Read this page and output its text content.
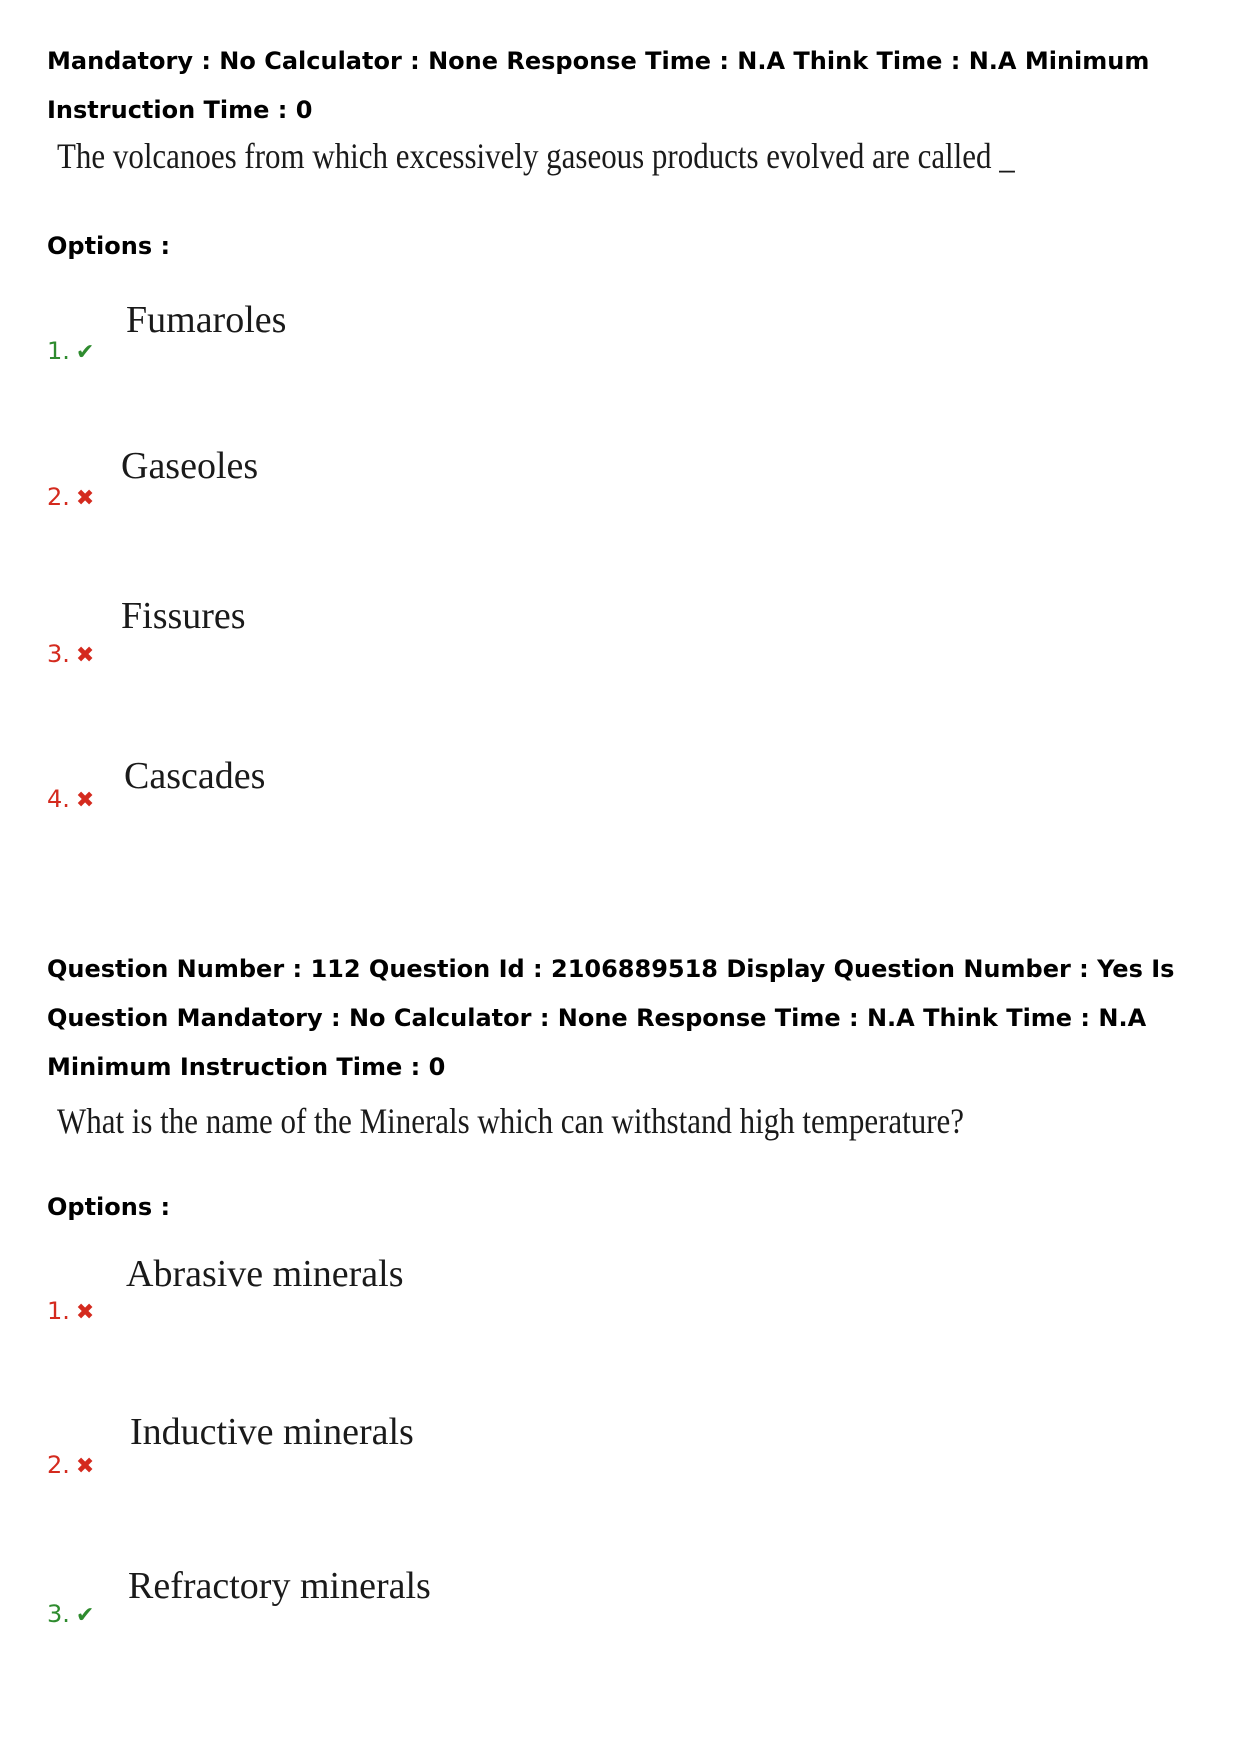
Mandatory : No Calculator : None Response Time : N.A Think Time : N.A Minimum Instruction Time : 0

The volcanoes from which excessively gaseous products evolved are called _
Options :
Fumaroles
1. ✔
Gaseoles
2. ✖
Fissures
3. ✖
Cascades
4. ✖

Question Number : 112 Question Id : 2106889518 Display Question Number : Yes Is Question Mandatory : No Calculator : None Response Time : N.A Think Time : N.A Minimum Instruction Time : 0

What is the name of the Minerals which can withstand high temperature?
Options :
Abrasive minerals
1. ✖
Inductive minerals
2. ✖
Refractory minerals
3. ✔
